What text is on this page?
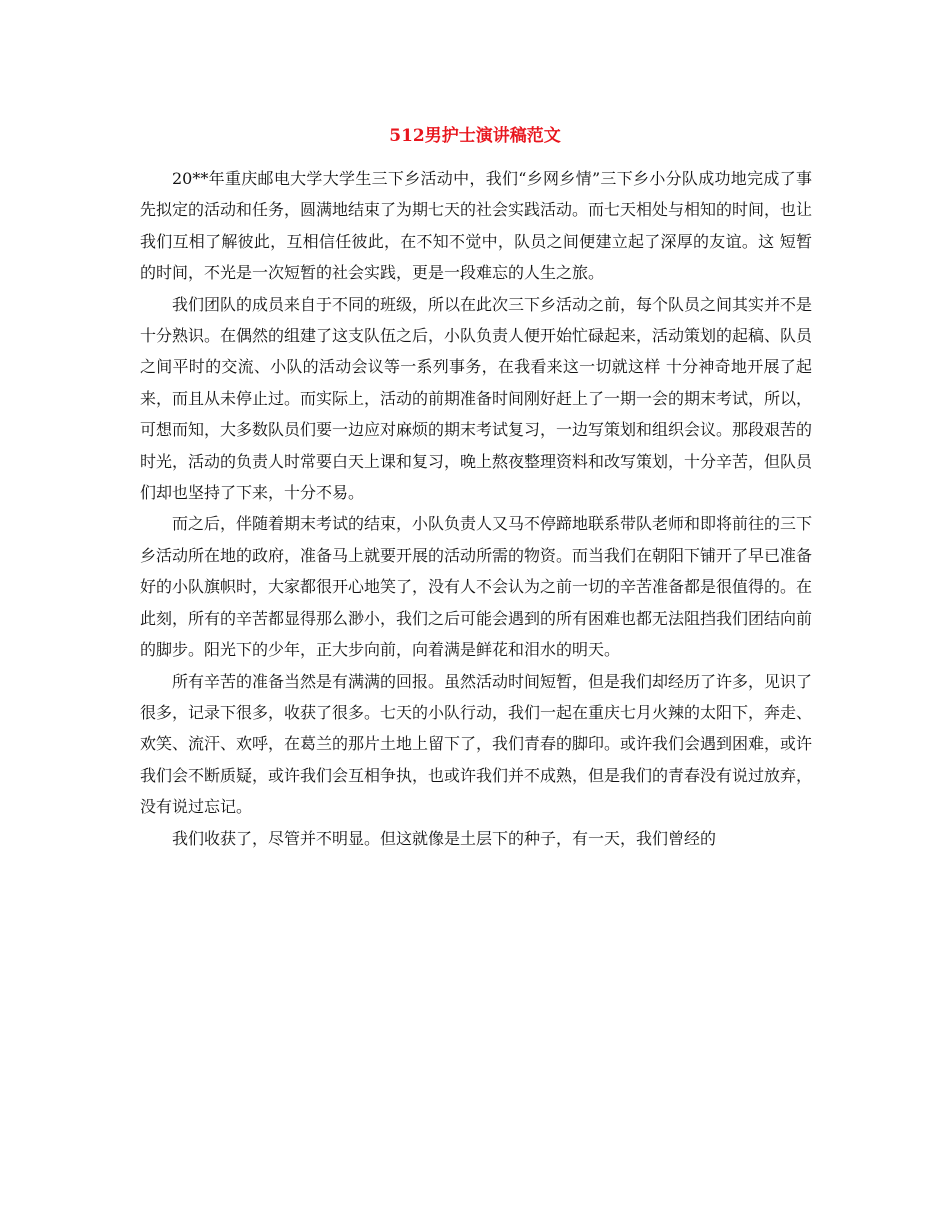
512男护士演讲稿范文

20**年重庆邮电大学大学生三下乡活动中，我们“乡网乡情”三下乡小分队成功地完成了事先拟定的活动和任务，圆满地结束了为期七天的社会实践活动。而七天相处与相知的时间，也让我们互相了解彼此，互相信任彼此，在不知不觉中，队员之间便建立起了深厚的友谊。这 短暂的时间，不光是一次短暂的社会实践，更是一段难忘的人生之旅。

我们团队的成员来自于不同的班级，所以在此次三下乡活动之前，每个队员之间其实并不是十分熟识。在偶然的组建了这支队伍之后，小队负责人便开始忙碌起来，活动策划的起稿、队员之间平时的交流、小队的活动会议等一系列事务，在我看来这一切就这样 十分神奇地开展了起来，而且从未停止过。而实际上，活动的前期准备时间刚好赶上了一期一会的期末考试，所以，可想而知，大多数队员们要一边应对麻烦的期末考试复习，一边写策划和组织会议。那段艰苦的时光，活动的负责人时常要白天上课和复习，晚上熬夜整理资料和改写策划，十分辛苦，但队员们却也坚持了下来，十分不易。

而之后，伴随着期末考试的结束，小队负责人又马不停蹄地联系带队老师和即将前往的三下乡活动所在地的政府，准备马上就要开展的活动所需的物资。而当我们在朝阳下铺开了早已准备好的小队旗帜时，大家都很开心地笑了，没有人不会认为之前一切的辛苦准备都是很值得的。在此刻，所有的辛苦都显得那么渺小，我们之后可能会遇到的所有困难也都无法阻挡我们团结向前的脚步。阳光下的少年，正大步向前，向着满是鲜花和泪水的明天。

所有辛苦的准备当然是有满满的回报。虽然活动时间短暂，但是我们却经历了许多，见识了很多，记录下很多，收获了很多。七天的小队行动，我们一起在重庆七月火辣的太阳下，奔走、欢笑、流汗、欢呼，在葛兰的那片土地上留下了，我们青春的脚印。或许我们会遇到困难，或许我们会不断质疑，或许我们会互相争执，也或许我们并不成熟，但是我们的青春没有说过放弃，没有说过忘记。

我们收获了，尽管并不明显。但这就像是土层下的种子，有一天，我们曾经的
